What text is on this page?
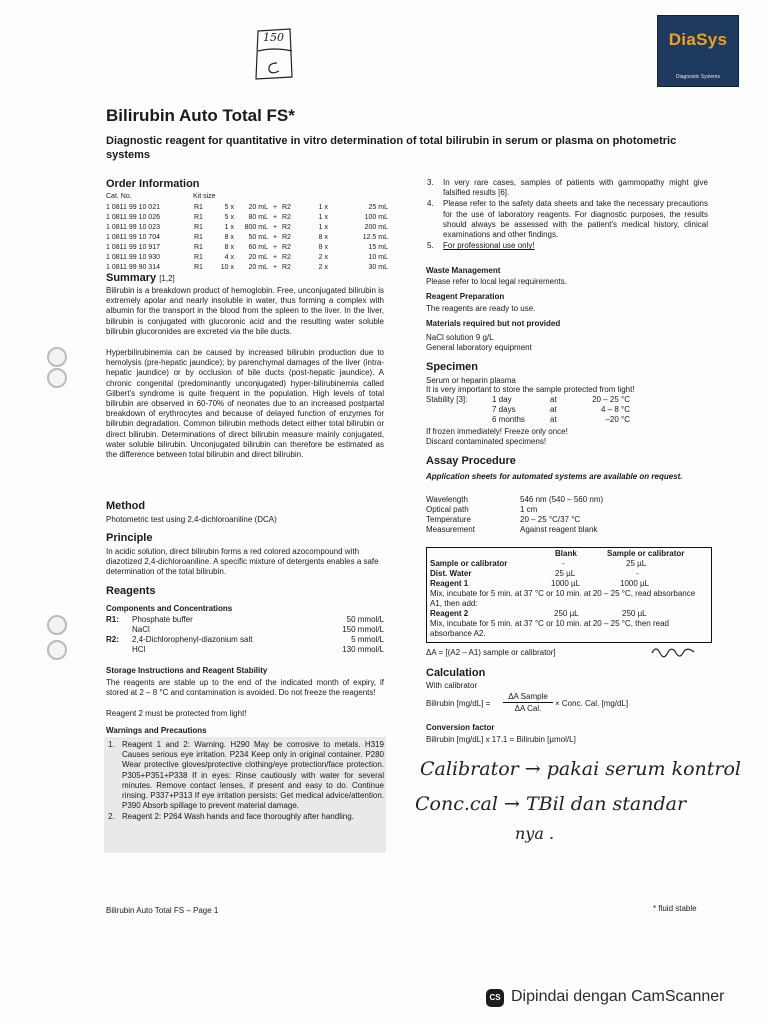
150	DiaSys
Diagnostic Systems
Bilirubin Auto Total FS*
Diagnostic reagent for quantitative in vitro determination of total bilirubin in serum or plasma on photometric systems
Order Information
Cat. No.	Kit size
1 0811 99 10 021	R1	5 x	20 mL	+	R2	1 x	25 mL
1 0811 99 10 026	R1	5 x	80 mL	+	R2	1 x	100 mL
1 0811 99 10 023	R1	1 x	800 mL	+	R2	1 x	200 mL
1 0811 99 10 704	R1	8 x	50 mL	+	R2	8 x	12.5 mL
1 0811 99 10 917	R1	8 x	60 mL	+	R2	8 x	15 mL
1 0811 99 10 930	R1	4 x	20 mL	+	R2	2 x	10 mL
1 0811 99 90 314	R1	10 x	20 mL	+	R2	2 x	30 mL
Summary [1,2]
Bilirubin is a breakdown product of hemoglobin. Free, unconjugated bilirubin is extremely apolar and nearly insoluble in water, thus forming a complex with albumin for the transport in the blood from the spleen to the liver. In the liver, bilirubin is conjugated with glucoronic acid and the resulting water soluble bilirubin glucoronides are excreted via the bile ducts.
Hyperbilirubinemia can be caused by increased bilirubin production due to hemolysis (pre-hepatic jaundice); by parenchymal damages of the liver (intra-hepatic jaundice) or by occlusion of bile ducts (post-hepatic jaundice). A chronic congenital (predominantly unconjugated) hyper-bilirubinemia called Gilbert's syndrome is quite frequent in the population. High levels of total bilirubin are observed in 60-70% of neonates due to an increased postpartal breakdown of erythrocytes and because of delayed function of enzymes for bilirubin degradation. Common bilirubin methods detect either total bilirubin or direct bilirubin. Determinations of direct bilirubin measure mainly conjugated, water soluble bilirubin. Unconjugated bilirubin can therefore be estimated as the difference between total bilirubin and direct bilirubin.
Method
Photometric test using 2,4-dichloroaniline (DCA)
Principle
In acidic solution, direct bilirubin forms a red colored azocompound with diazotized 2,4-dichloroaniline. A specific mixture of detergents enables a safe determination of the total bilirubin.
Reagents
Components and Concentrations
R1:	Phosphate buffer	50 mmol/L
	NaCl	150 mmol/L
R2:	2,4-Dichlorophenyl-diazonium salt	5 mmol/L
	HCl	130 mmol/L
Storage Instructions and Reagent Stability
The reagents are stable up to the end of the indicated month of expiry, if stored at 2 – 8 °C and contamination is avoided. Do not freeze the reagents!
Reagent 2 must be protected from light!
Warnings and Precautions
1. Reagent 1 and 2: Warning. H290 May be corrosive to metals. H319 Causes serious eye irritation. P234 Keep only in original container. P280 Wear protective gloves/protective clothing/eye protection/face protection. P305+P351+P338 If in eyes: Rinse cautiously with water for several minutes. Remove contact lenses, if present and easy to do. Continue rinsing. P337+P313 If eye irritation persists: Get medical advice/attention. P390 Absorb spillage to prevent material damage.
2. Reagent 2: P264 Wash hands and face thoroughly after handling.
3. In very rare cases, samples of patients with gammopathy might give falsified results [6].
4. Please refer to the safety data sheets and take the necessary precautions for the use of laboratory reagents. For diagnostic purposes, the results should always be assessed with the patient's medical history, clinical examinations and other findings.
5. For professional use only!
Waste Management
Please refer to local legal requirements.
Reagent Preparation
The reagents are ready to use.
Materials required but not provided
NaCl solution 9 g/L
General laboratory equipment
Specimen
Serum or heparin plasma
It is very important to store the sample protected from light!
Stability [3]:	1 day	at	20 – 25 °C
7 days	at	4 – 8 °C
6 months	at	–20 °C
If frozen immediately! Freeze only once!
Discard contaminated specimens!
Assay Procedure
Application sheets for automated systems are available on request.
Wavelength	546 nm (540 – 560 nm)
Optical path	1 cm
Temperature	20 – 25 °C/37 °C
Measurement	Against reagent blank
Blank	Sample or calibrator
Sample or calibrator	-	25 µL
Dist. Water	25 µL	-
Reagent 1	1000 µL	1000 µL
Mix, incubate for 5 min. at 37 °C or 10 min. at 20 – 25 °C, read absorbance A1, then add:
Reagent 2	250 µL	250 µL
Mix, incubate for 5 min. at 37 °C or 10 min. at 20 – 25 °C, then read absorbance A2.
ΔA = [(A2 – A1) sample or calibrator]
Calculation
With calibrator
Bilirubin [mg/dL] =
ΔA Sample
ΔA Cal.
× Conc. Cal. [mg/dL]
Conversion factor
Bilirubin [mg/dL] x 17.1 = Bilirubin [µmol/L]
Calibrator → pakai serum kontrol
Conc.cal → TBil dan standar
nya .
Bilirubin Auto Total FS – Page 1	* fluid stable
CS Dipindai dengan CamScanner
